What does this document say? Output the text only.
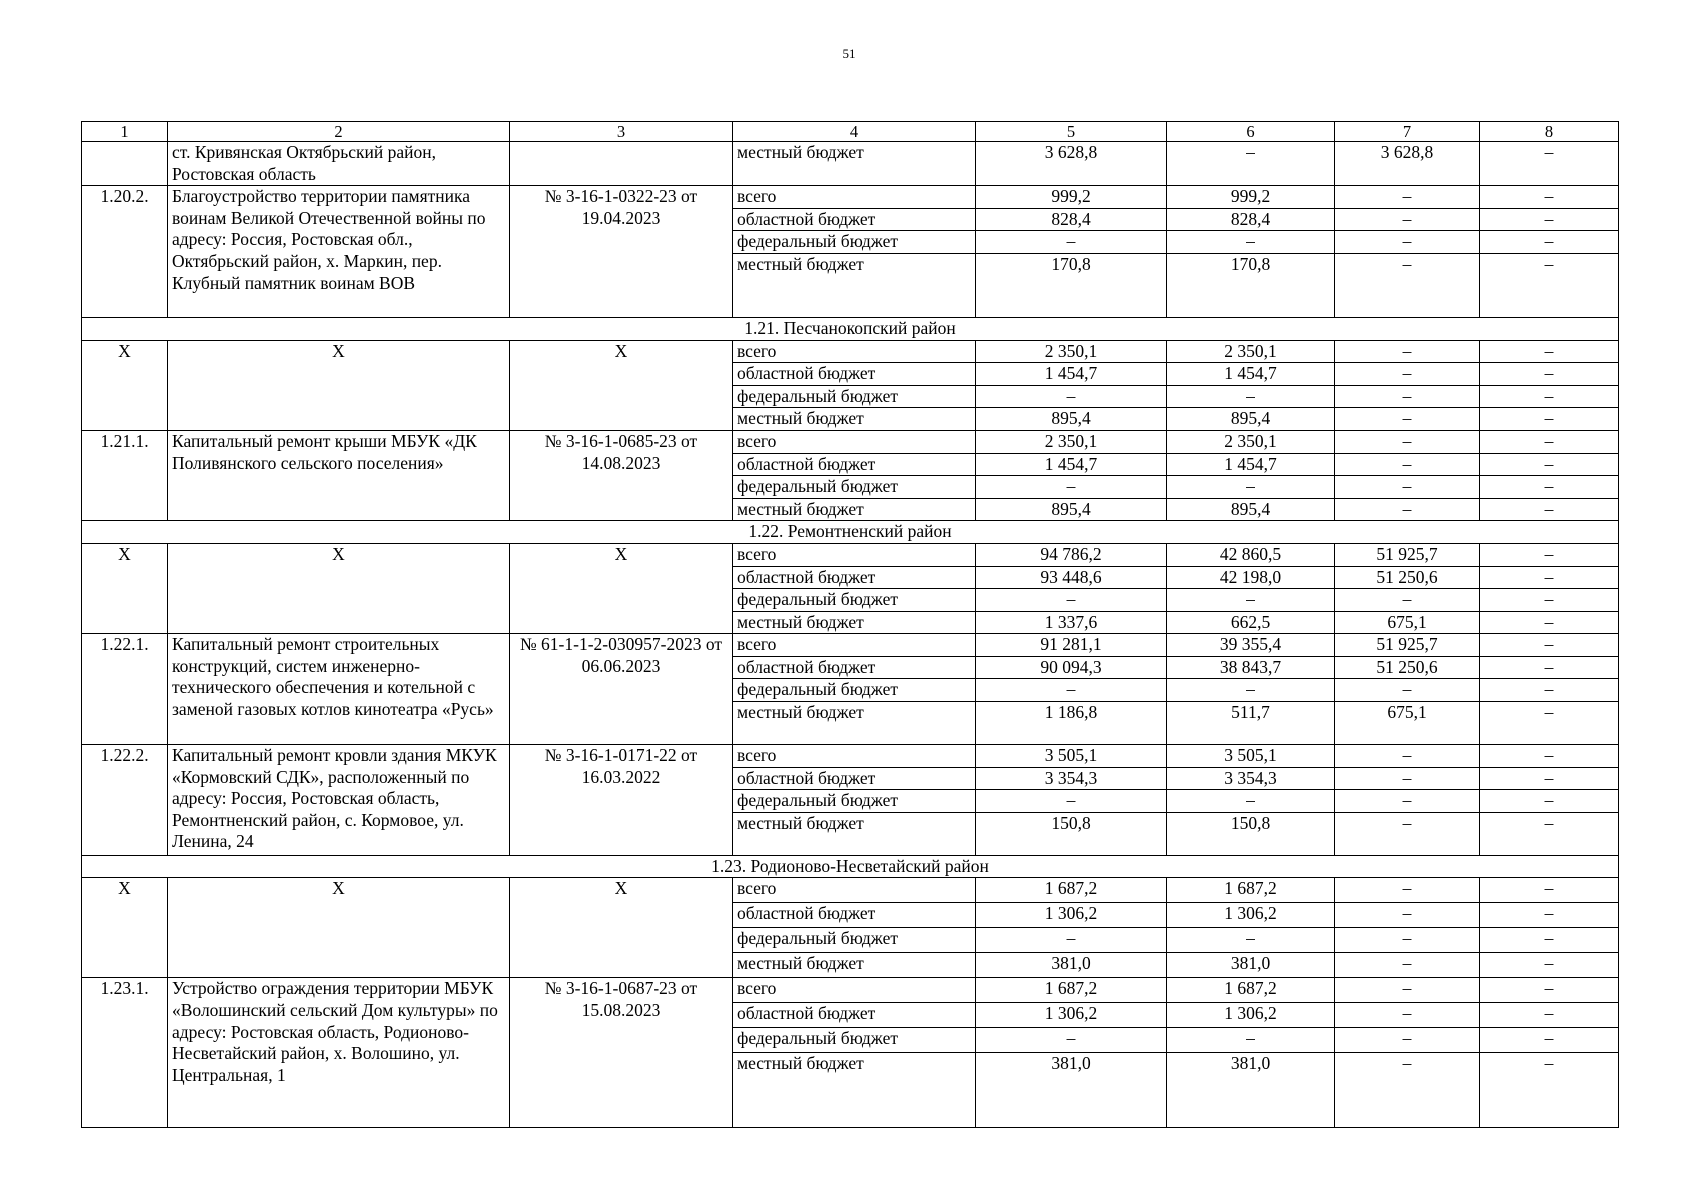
51
1	2	3	4	5	6	7	8
	ст. Кривянская Октябрьский район, Ростовская область		местный бюджет	3 628,8	–	3 628,8	–
1.20.2.	Благоустройство территории памятника воинам Великой Отечественной войны по адресу: Россия, Ростовская обл., Октябрьский район, х. Маркин, пер. Клубный памятник воинам ВОВ	№ 3-16-1-0322-23 от 19.04.2023	всего	999,2	999,2	–	–
			областной бюджет	828,4	828,4	–	–
			федеральный бюджет	–	–	–	–
			местный бюджет	170,8	170,8	–	–
1.21. Песчанокопский район							
X	X	X	всего	2 350,1	2 350,1	–	–
			областной бюджет	1 454,7	1 454,7	–	–
			федеральный бюджет	–	–	–	–
			местный бюджет	895,4	895,4	–	–
1.21.1.	Капитальный ремонт крыши МБУК «ДК Поливянского сельского поселения»	№ 3-16-1-0685-23 от 14.08.2023	всего	2 350,1	2 350,1	–	–
			областной бюджет	1 454,7	1 454,7	–	–
			федеральный бюджет	–	–	–	–
			местный бюджет	895,4	895,4	–	–
1.22. Ремонтненский район							
X	X	X	всего	94 786,2	42 860,5	51 925,7	–
			областной бюджет	93 448,6	42 198,0	51 250,6	–
			федеральный бюджет	–	–	–	–
			местный бюджет	1 337,6	662,5	675,1	–
1.22.1.	Капитальный ремонт строительных конструкций, систем инженерно-технического обеспечения и котельной с заменой газовых котлов кинотеатра «Русь»	№ 61-1-1-2-030957-2023 от 06.06.2023	всего	91 281,1	39 355,4	51 925,7	–
			областной бюджет	90 094,3	38 843,7	51 250,6	–
			федеральный бюджет	–	–	–	–
			местный бюджет	1 186,8	511,7	675,1	–
1.22.2.	Капитальный ремонт кровли здания МКУК «Кормовский СДК», расположенный по адресу: Россия, Ростовская область, Ремонтненский район, с. Кормовое, ул. Ленина, 24	№ 3-16-1-0171-22 от 16.03.2022	всего	3 505,1	3 505,1	–	–
			областной бюджет	3 354,3	3 354,3	–	–
			федеральный бюджет	–	–	–	–
			местный бюджет	150,8	150,8	–	–
1.23. Родионово-Несветайский район							
X	X	X	всего	1 687,2	1 687,2	–	–
			областной бюджет	1 306,2	1 306,2	–	–
			федеральный бюджет	–	–	–	–
			местный бюджет	381,0	381,0	–	–
1.23.1.	Устройство ограждения территории МБУК «Волошинский сельский Дом культуры» по адресу: Ростовская область, Родионово-Несветайский район, х. Волошино, ул. Центральная, 1	№ 3-16-1-0687-23 от 15.08.2023	всего	1 687,2	1 687,2	–	–
			областной бюджет	1 306,2	1 306,2	–	–
			федеральный бюджет	–	–	–	–
			местный бюджет	381,0	381,0	–	–
